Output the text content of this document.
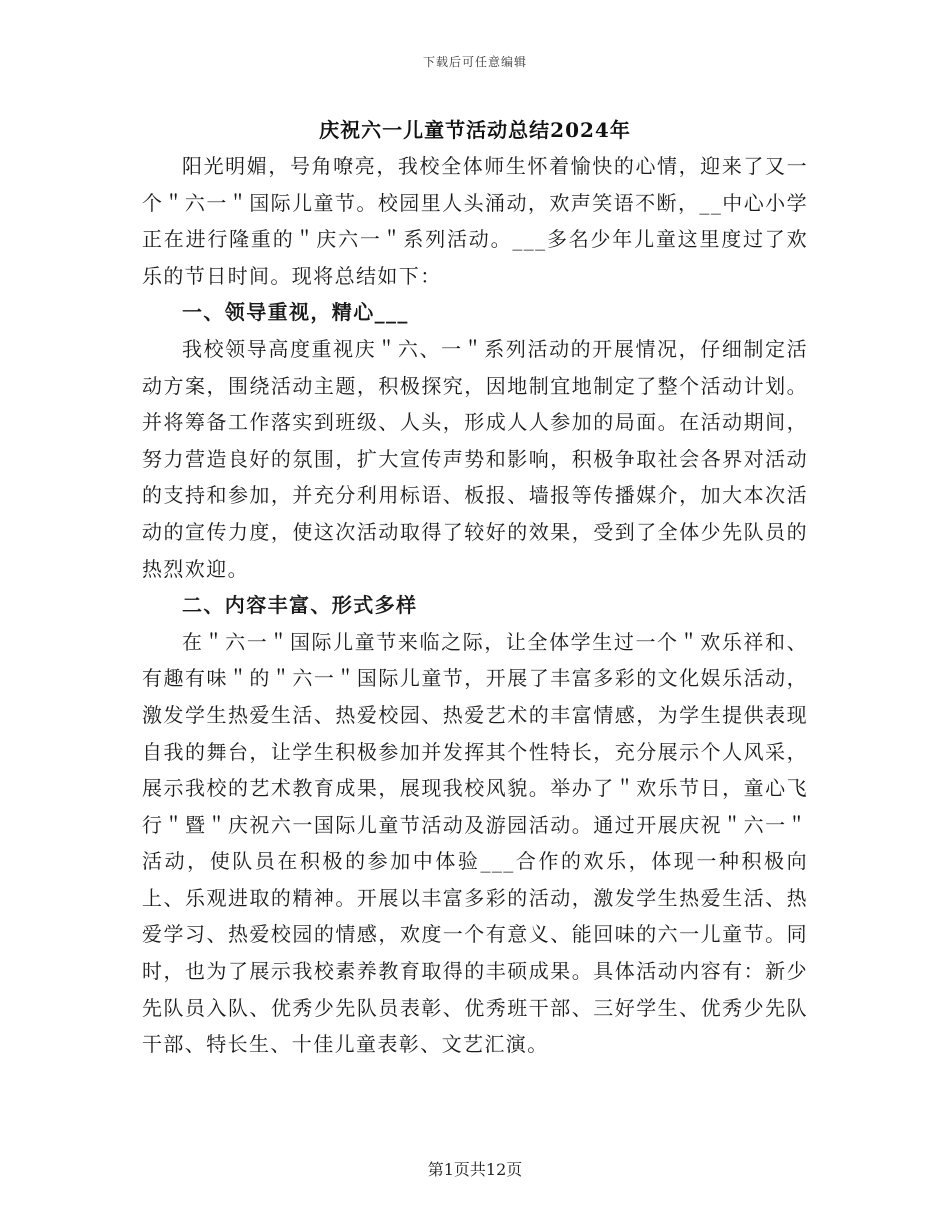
下载后可任意编辑
庆祝六一儿童节活动总结2024年

阳光明媚，号角嘹亮，我校全体师生怀着愉快的心情，迎来了又一个＂六一＂国际儿童节。校园里人头涌动，欢声笑语不断，__中心小学正在进行隆重的＂庆六一＂系列活动。___多名少年儿童这里度过了欢乐的节日时间。现将总结如下：

一、领导重视，精心___

我校领导高度重视庆＂六、一＂系列活动的开展情况，仔细制定活动方案，围绕活动主题，积极探究，因地制宜地制定了整个活动计划。并将筹备工作落实到班级、人头，形成人人参加的局面。在活动期间，努力营造良好的氛围，扩大宣传声势和影响，积极争取社会各界对活动的支持和参加，并充分利用标语、板报、墙报等传播媒介，加大本次活动的宣传力度，使这次活动取得了较好的效果，受到了全体少先队员的热烈欢迎。

二、内容丰富、形式多样

在＂六一＂国际儿童节来临之际，让全体学生过一个＂欢乐祥和、有趣有味＂的＂六一＂国际儿童节，开展了丰富多彩的文化娱乐活动，激发学生热爱生活、热爱校园、热爱艺术的丰富情感，为学生提供表现自我的舞台，让学生积极参加并发挥其个性特长，充分展示个人风采，展示我校的艺术教育成果，展现我校风貌。举办了＂欢乐节日，童心飞行＂暨＂庆祝六一国际儿童节活动及游园活动。通过开展庆祝＂六一＂活动，使队员在积极的参加中体验___合作的欢乐，体现一种积极向上、乐观进取的精神。开展以丰富多彩的活动，激发学生热爱生活、热爱学习、热爱校园的情感，欢度一个有意义、能回味的六一儿童节。同时，也为了展示我校素养教育取得的丰硕成果。具体活动内容有：新少先队员入队、优秀少先队员表彰、优秀班干部、三好学生、优秀少先队干部、特长生、十佳儿童表彰、文艺汇演。

第1页共12页
